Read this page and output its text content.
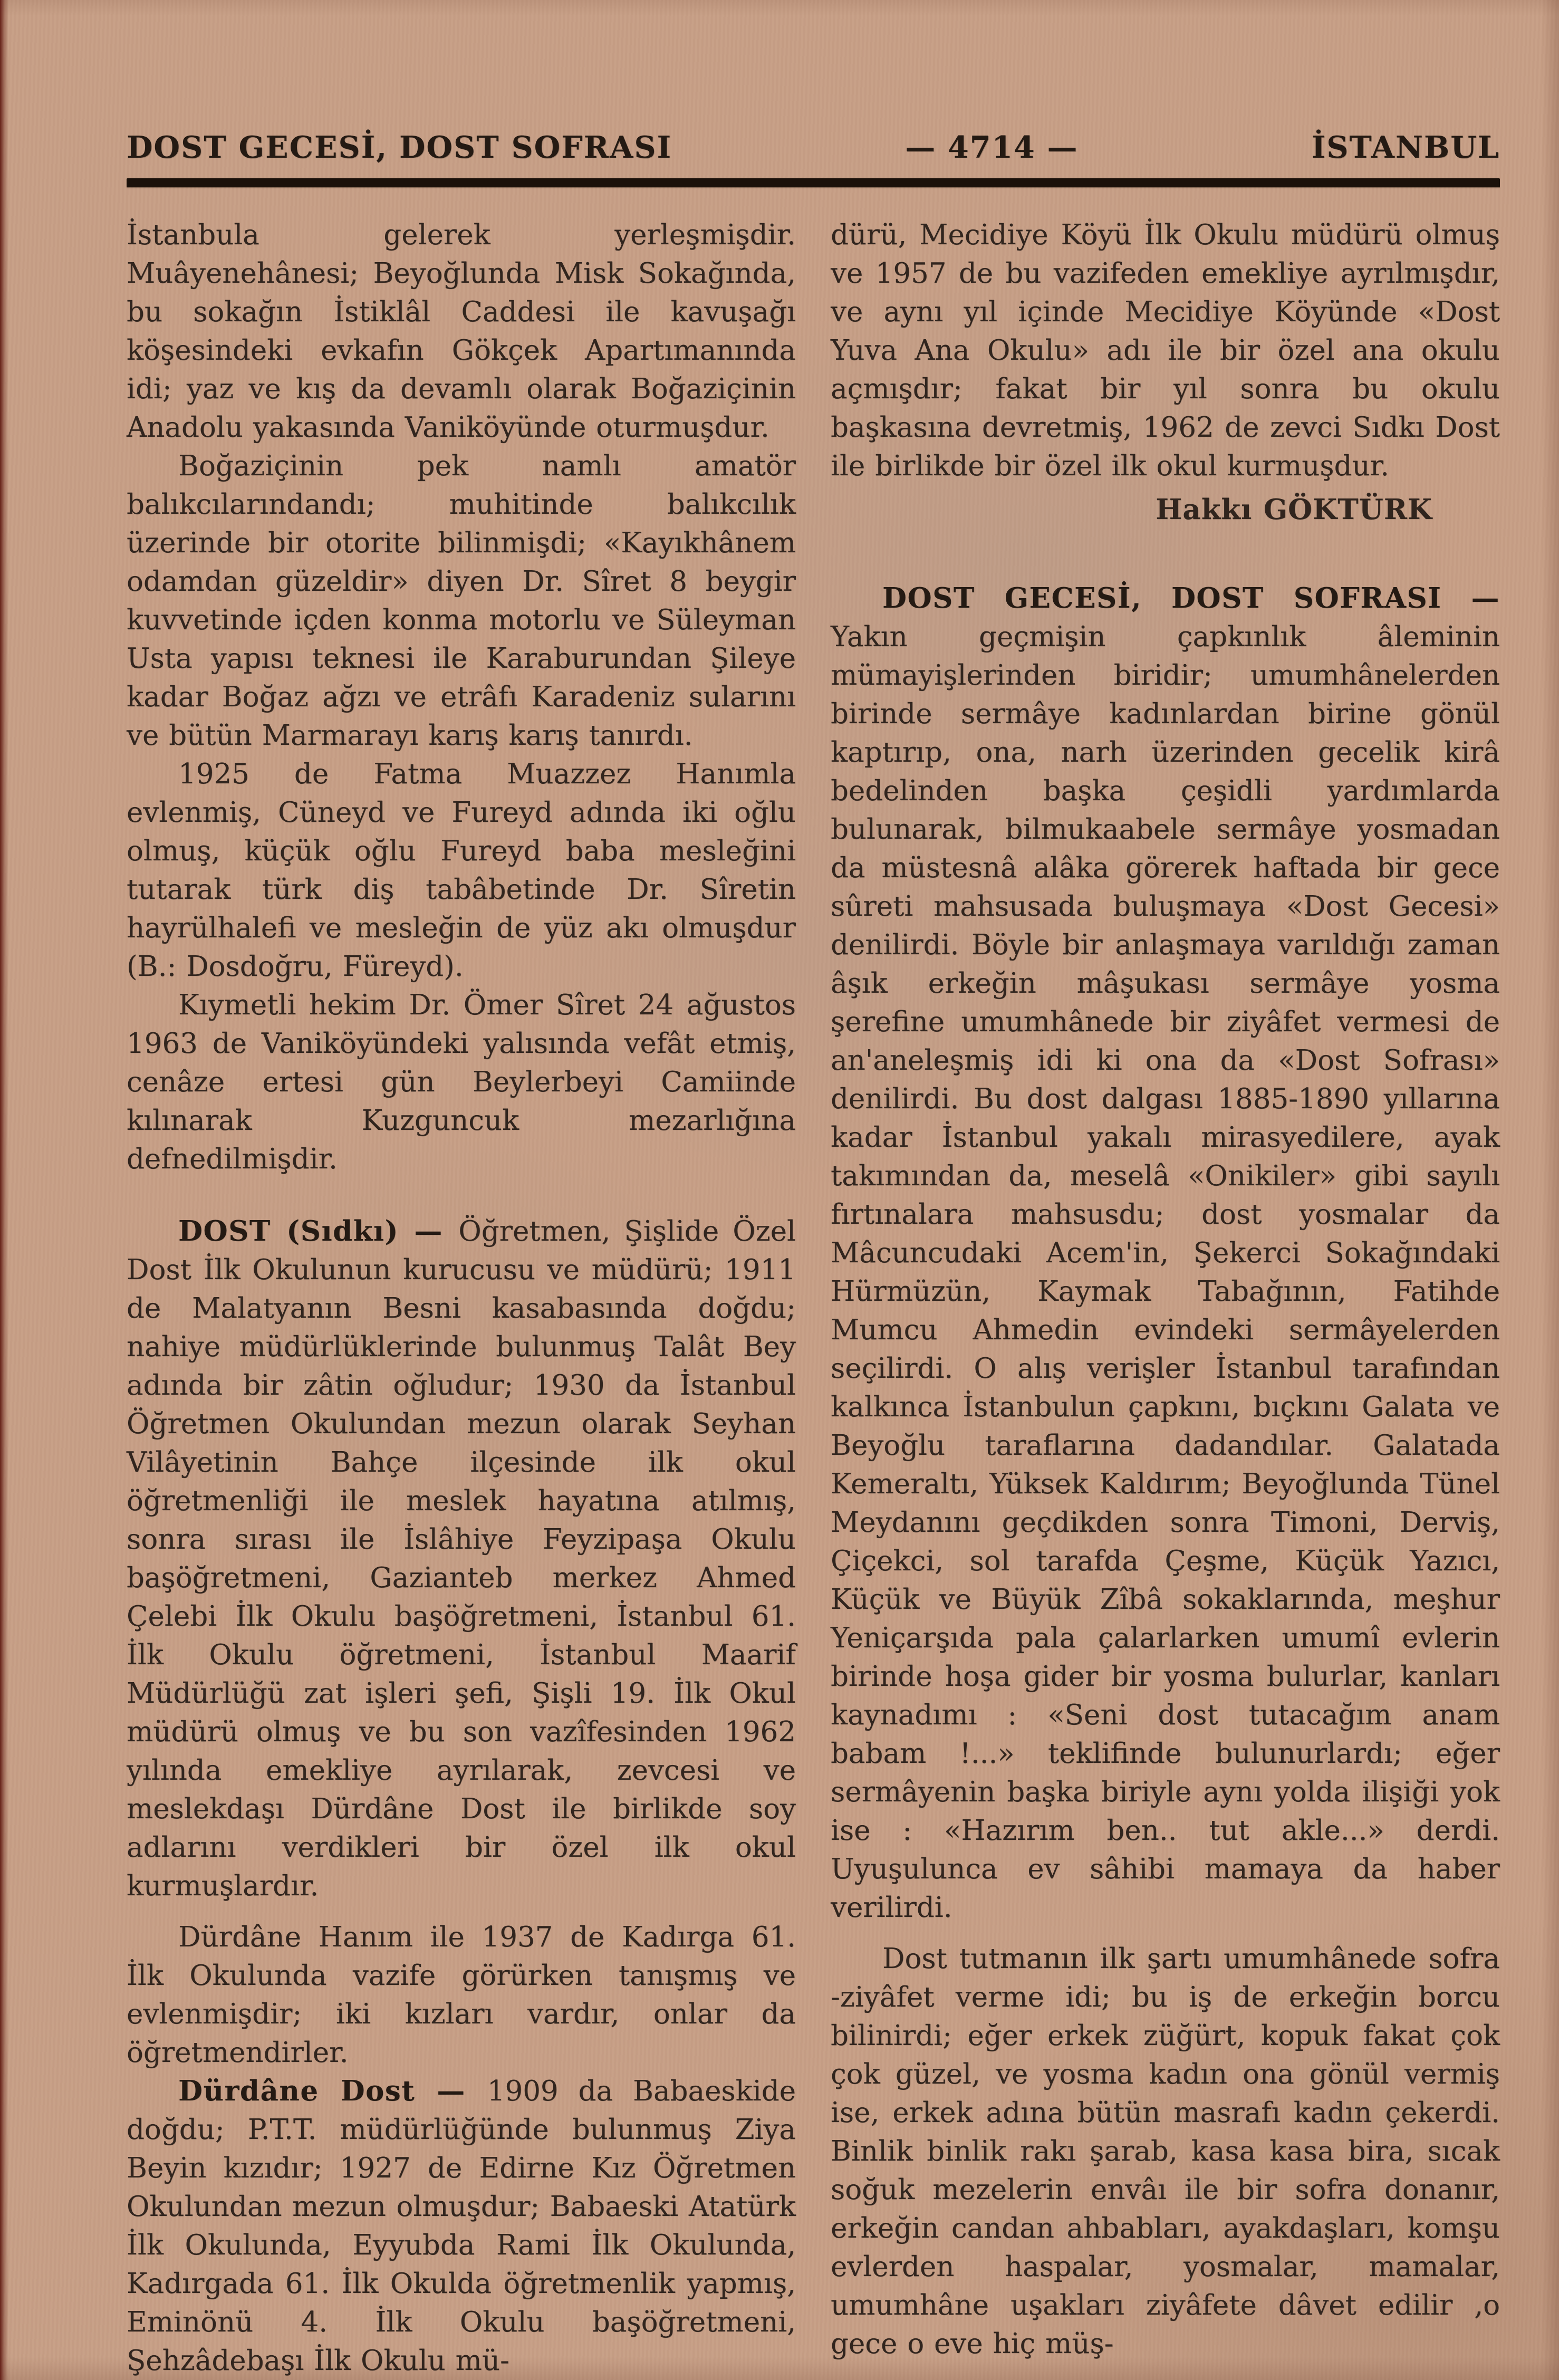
DOST GECESİ, DOST SOFRASI	— 4714 —	İSTANBUL

İstanbula gelerek yerleşmişdir. Muâyenehânesi; Beyoğlunda Misk Sokağında, bu sokağın İstiklâl Caddesi ile kavuşağı köşesindeki evkafın Gökçek Apartımanında idi; yaz ve kış da devamlı olarak Boğaziçinin Anadolu yakasında Vaniköyünde oturmuşdur.

Boğaziçinin pek namlı amatör balıkcılarındandı; muhitinde balıkcılık üzerinde bir otorite bilinmişdi; «Kayıkhânem odamdan güzeldir» diyen Dr. Sîret 8 beygir kuvvetinde içden konma motorlu ve Süleyman Usta yapısı teknesi ile Karaburundan Şileye kadar Boğaz ağzı ve etrâfı Karadeniz sularını ve bütün Marmarayı karış karış tanırdı.

1925 de Fatma Muazzez Hanımla evlenmiş, Cüneyd ve Fureyd adında iki oğlu olmuş, küçük oğlu Fureyd baba mesleğini tutarak türk diş tabâbetinde Dr. Sîretin hayrülhalefi ve mesleğin de yüz akı olmuşdur (B.: Dosdoğru, Füreyd).

Kıymetli hekim Dr. Ömer Sîret 24 ağustos 1963 de Vaniköyündeki yalısında vefât etmiş, cenâze ertesi gün Beylerbeyi Camiinde kılınarak Kuzguncuk mezarlığına defnedilmişdir.

DOST (Sıdkı) — Öğretmen, Şişlide Özel Dost İlk Okulunun kurucusu ve müdürü; 1911 de Malatyanın Besni kasabasında doğdu; nahiye müdürlüklerinde bulunmuş Talât Bey adında bir zâtin oğludur; 1930 da İstanbul Öğretmen Okulundan mezun olarak Seyhan Vilâyetinin Bahçe ilçesinde ilk okul öğretmenliği ile meslek hayatına atılmış, sonra sırası ile İslâhiye Feyzipaşa Okulu başöğretmeni, Gazianteb merkez Ahmed Çelebi İlk Okulu başöğretmeni, İstanbul 61. İlk Okulu öğretmeni, İstanbul Maarif Müdürlüğü zat işleri şefi, Şişli 19. İlk Okul müdürü olmuş ve bu son vazîfesinden 1962 yılında emekliye ayrılarak, zevcesi ve meslekdaşı Dürdâne Dost ile birlikde soy adlarını verdikleri bir özel ilk okul kurmuşlardır.

Dürdâne Hanım ile 1937 de Kadırga 61. İlk Okulunda vazife görürken tanışmış ve evlenmişdir; iki kızları vardır, onlar da öğretmendirler.

Dürdâne Dost — 1909 da Babaeskide doğdu; P.T.T. müdürlüğünde bulunmuş Ziya Beyin kızıdır; 1927 de Edirne Kız Öğretmen Okulundan mezun olmuşdur; Babaeski Atatürk İlk Okulunda, Eyyubda Rami İlk Okulunda, Kadırgada 61. İlk Okulda öğretmenlik yapmış, Eminönü 4. İlk Okulu başöğretmeni, Şehzâdebaşı İlk Okulu mü-

dürü, Mecidiye Köyü İlk Okulu müdürü olmuş ve 1957 de bu vazifeden emekliye ayrılmışdır, ve aynı yıl içinde Mecidiye Köyünde «Dost Yuva Ana Okulu» adı ile bir özel ana okulu açmışdır; fakat bir yıl sonra bu okulu başkasına devretmiş, 1962 de zevci Sıdkı Dost ile birlikde bir özel ilk okul kurmuşdur.

Hakkı GÖKTÜRK

DOST GECESİ, DOST SOFRASI — Yakın geçmişin çapkınlık âleminin mümayişlerinden biridir; umumhânelerden birinde sermâye kadınlardan birine gönül kaptırıp, ona, narh üzerinden gecelik kirâ bedelinden başka çeşidli yardımlarda bulunarak, bilmukaabele sermâye yosmadan da müstesnâ alâka görerek haftada bir gece sûreti mahsusada buluşmaya «Dost Gecesi» denilirdi. Böyle bir anlaşmaya varıldığı zaman âşık erkeğin mâşukası sermâye yosma şerefine umumhânede bir ziyâfet vermesi de an'aneleşmiş idi ki ona da «Dost Sofrası» denilirdi. Bu dost dalgası 1885-1890 yıllarına kadar İstanbul yakalı mirasyedilere, ayak takımından da, meselâ «Onikiler» gibi sayılı fırtınalara mahsusdu; dost yosmalar da Mâcuncudaki Acem'in, Şekerci Sokağındaki Hürmüzün, Kaymak Tabağının, Fatihde Mumcu Ahmedin evindeki sermâyelerden seçilirdi. O alış verişler İstanbul tarafından kalkınca İstanbulun çapkını, bıçkını Galata ve Beyoğlu taraflarına dadandılar. Galatada Kemeraltı, Yüksek Kaldırım; Beyoğlunda Tünel Meydanını geçdikden sonra Timoni, Derviş, Çiçekci, sol tarafda Çeşme, Küçük Yazıcı, Küçük ve Büyük Zîbâ sokaklarında, meşhur Yeniçarşıda pala çalarlarken umumî evlerin birinde hoşa gider bir yosma bulurlar, kanları kaynadımı : «Seni dost tutacağım anam babam !...» teklifinde bulunurlardı; eğer sermâyenin başka biriyle aynı yolda ilişiği yok ise : «Hazırım ben.. tut akle...» derdi. Uyuşulunca ev sâhibi mamaya da haber verilirdi.

Dost tutmanın ilk şartı umumhânede sofra -ziyâfet verme idi; bu iş de erkeğin borcu bilinirdi; eğer erkek züğürt, kopuk fakat çok çok güzel, ve yosma kadın ona gönül vermiş ise, erkek adına bütün masrafı kadın çekerdi. Binlik binlik rakı şarab, kasa kasa bira, sıcak soğuk mezelerin envâı ile bir sofra donanır, erkeğin candan ahbabları, ayakdaşları, komşu evlerden haspalar, yosmalar, mamalar, umumhâne uşakları ziyâfete dâvet edilir ,o gece o eve hiç müş-
